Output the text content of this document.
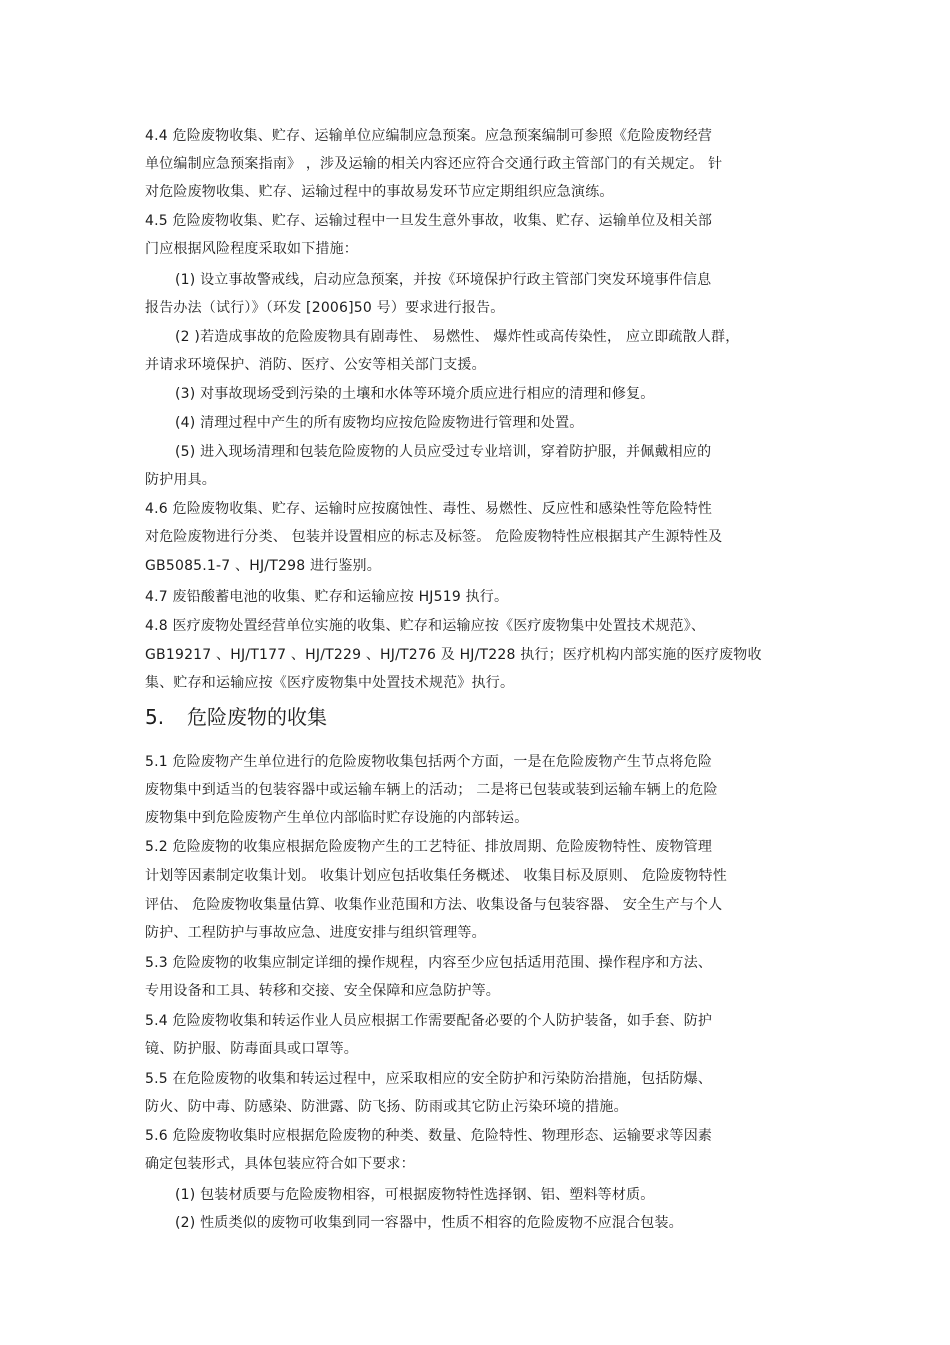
4.4 危险废物收集、贮存、运输单位应编制应急预案。应急预案编制可参照《危险废物经营
单位编制应急预案指南》 ，涉及运输的相关内容还应符合交通行政主管部门的有关规定。 针
对危险废物收集、贮存、运输过程中的事故易发环节应定期组织应急演练。
4.5 危险废物收集、贮存、运输过程中一旦发生意外事故，收集、贮存、运输单位及相关部
门应根据风险程度采取如下措施：
(1) 设立事故警戒线，启动应急预案，并按《环境保护行政主管部门突发环境事件信息
报告办法（试行）》（环发 [2006]50 号）要求进行报告。
(2 )若造成事故的危险废物具有剧毒性、 易燃性、 爆炸性或高传染性， 应立即疏散人群，
并请求环境保护、消防、医疗、公安等相关部门支援。
(3) 对事故现场受到污染的土壤和水体等环境介质应进行相应的清理和修复。
(4) 清理过程中产生的所有废物均应按危险废物进行管理和处置。
(5) 进入现场清理和包装危险废物的人员应受过专业培训，穿着防护服，并佩戴相应的
防护用具。
4.6 危险废物收集、贮存、运输时应按腐蚀性、毒性、易燃性、反应性和感染性等危险特性
对危险废物进行分类、 包装并设置相应的标志及标签。 危险废物特性应根据其产生源特性及
GB5085.1-7 、HJ/T298 进行鉴别。
4.7 废铅酸蓄电池的收集、贮存和运输应按 HJ519 执行。
4.8 医疗废物处置经营单位实施的收集、贮存和运输应按《医疗废物集中处置技术规范》、
GB19217 、HJ/T177 、HJ/T229 、HJ/T276 及 HJ/T228 执行；医疗机构内部实施的医疗废物收
集、贮存和运输应按《医疗废物集中处置技术规范》执行。
5.1 危险废物产生单位进行的危险废物收集包括两个方面，一是在危险废物产生节点将危险
废物集中到适当的包装容器中或运输车辆上的活动； 二是将已包装或装到运输车辆上的危险
废物集中到危险废物产生单位内部临时贮存设施的内部转运。
5.2 危险废物的收集应根据危险废物产生的工艺特征、排放周期、危险废物特性、废物管理
计划等因素制定收集计划。 收集计划应包括收集任务概述、 收集目标及原则、 危险废物特性
评估、 危险废物收集量估算、收集作业范围和方法、收集设备与包装容器、 安全生产与个人
防护、工程防护与事故应急、进度安排与组织管理等。
5.3 危险废物的收集应制定详细的操作规程，内容至少应包括适用范围、操作程序和方法、
专用设备和工具、转移和交接、安全保障和应急防护等。
5.4 危险废物收集和转运作业人员应根据工作需要配备必要的个人防护装备，如手套、防护
镜、防护服、防毒面具或口罩等。
5.5 在危险废物的收集和转运过程中，应采取相应的安全防护和污染防治措施，包括防爆、
防火、防中毒、防感染、防泄露、防飞扬、防雨或其它防止污染环境的措施。
5.6 危险废物收集时应根据危险废物的种类、数量、危险特性、物理形态、运输要求等因素
确定包装形式，具体包装应符合如下要求：
(1) 包装材质要与危险废物相容，可根据废物特性选择钢、铝、塑料等材质。
(2) 性质类似的废物可收集到同一容器中，性质不相容的危险废物不应混合包装。
5. 危险废物的收集
